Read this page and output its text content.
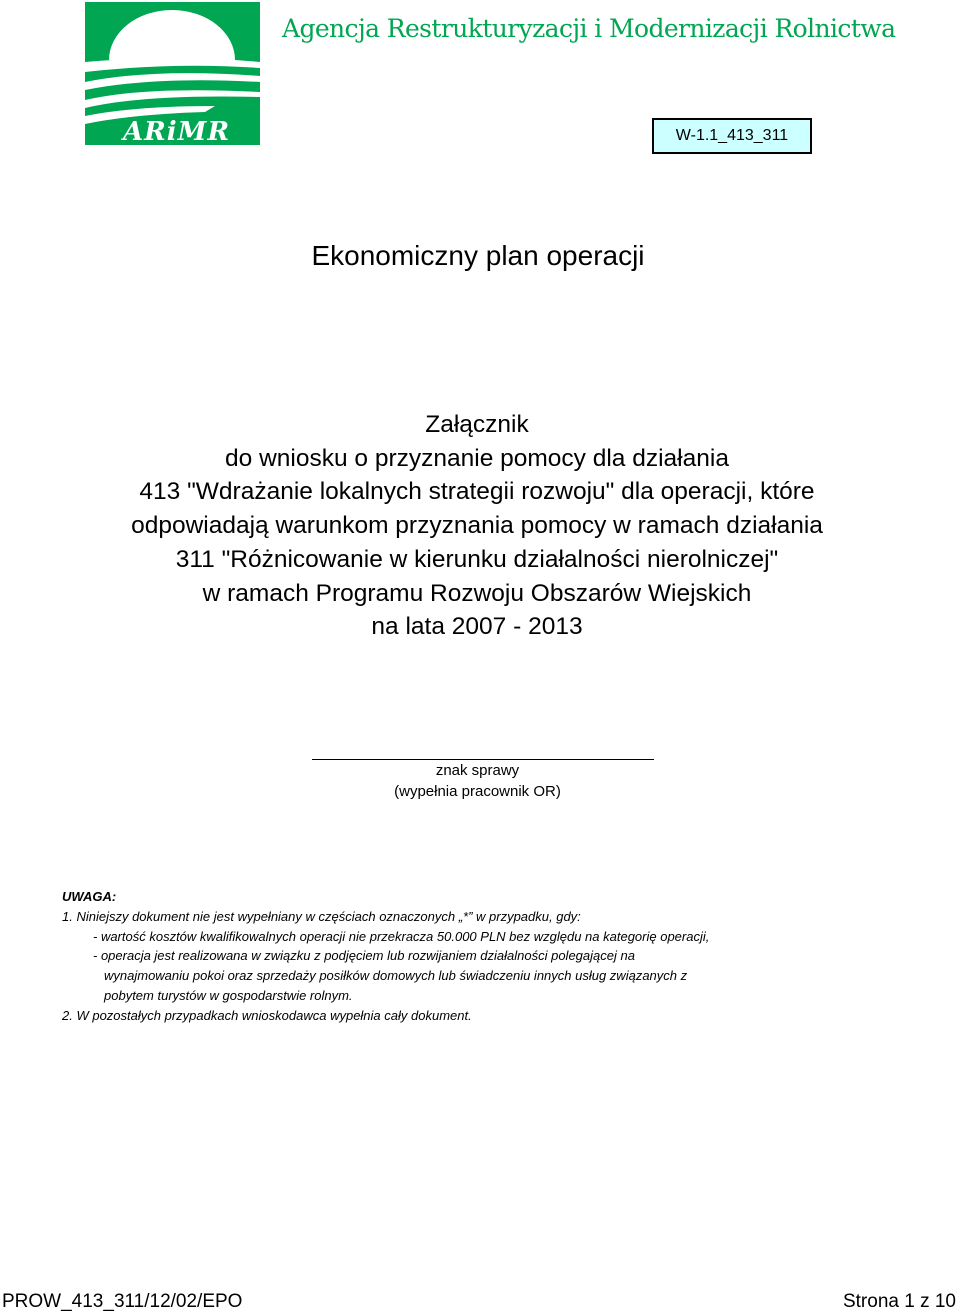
ARiMR
Agencja Restrukturyzacji i Modernizacji Rolnictwa
W-1.1_413_311
Ekonomiczny plan operacji
Załącznik
do wniosku o przyznanie pomocy dla działania
413 "Wdrażanie lokalnych strategii rozwoju" dla operacji, które
odpowiadają warunkom przyznania pomocy w ramach działania
311 "Różnicowanie w kierunku działalności nierolniczej"
w ramach Programu Rozwoju Obszarów Wiejskich
na lata 2007 - 2013
znak sprawy
(wypełnia pracownik OR)
UWAGA:
1. Niniejszy dokument nie jest wypełniany w częściach oznaczonych „*” w przypadku, gdy:
- wartość kosztów kwalifikowalnych operacji nie przekracza 50.000 PLN bez względu na kategorię operacji,
- operacja jest realizowana w związku z podjęciem lub rozwijaniem działalności polegającej na
wynajmowaniu pokoi oraz sprzedaży posiłków domowych lub świadczeniu innych usług związanych z
pobytem turystów w gospodarstwie rolnym.
2. W pozostałych przypadkach wnioskodawca wypełnia cały dokument.
PROW_413_311/12/02/EPO	Strona 1 z 10
